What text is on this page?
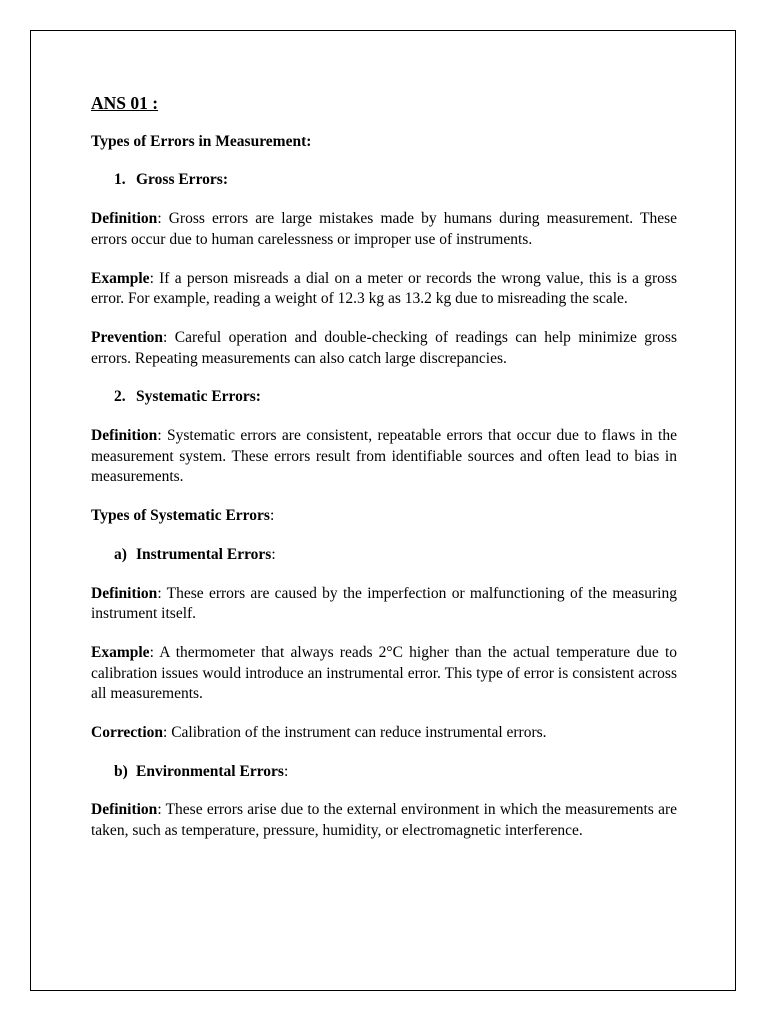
ANS 01 :
Types of Errors in Measurement:
1. Gross Errors:

Definition: Gross errors are large mistakes made by humans during measurement. These errors occur due to human carelessness or improper use of instruments.

Example: If a person misreads a dial on a meter or records the wrong value, this is a gross error. For example, reading a weight of 12.3 kg as 13.2 kg due to misreading the scale.

Prevention: Careful operation and double-checking of readings can help minimize gross errors. Repeating measurements can also catch large discrepancies.

2. Systematic Errors:

Definition: Systematic errors are consistent, repeatable errors that occur due to flaws in the measurement system. These errors result from identifiable sources and often lead to bias in measurements.

Types of Systematic Errors:

a) Instrumental Errors:

Definition: These errors are caused by the imperfection or malfunctioning of the measuring instrument itself.

Example: A thermometer that always reads 2°C higher than the actual temperature due to calibration issues would introduce an instrumental error. This type of error is consistent across all measurements.

Correction: Calibration of the instrument can reduce instrumental errors.

b) Environmental Errors:

Definition: These errors arise due to the external environment in which the measurements are taken, such as temperature, pressure, humidity, or electromagnetic interference.
